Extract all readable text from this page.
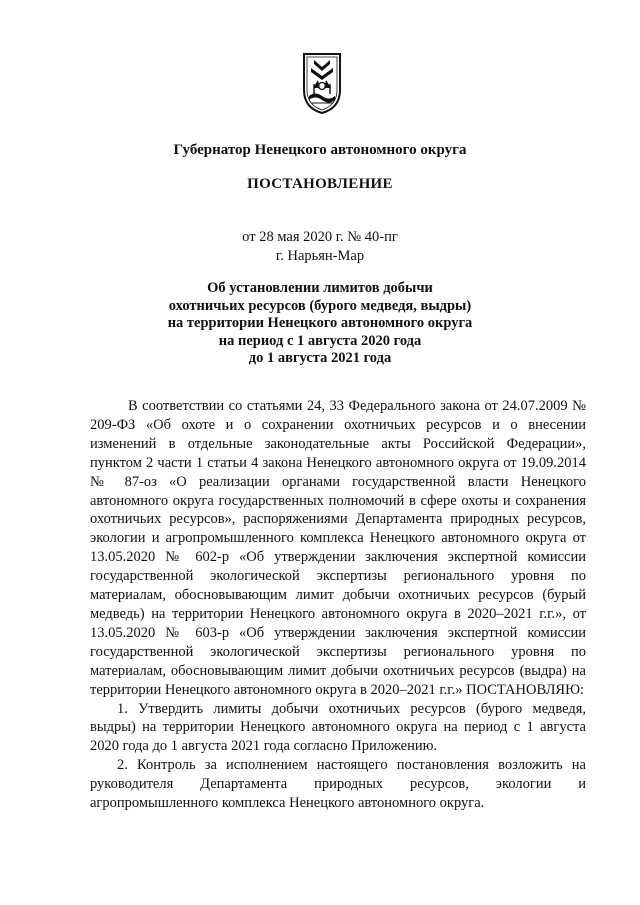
Губернатор Ненецкого автономного округа
ПОСТАНОВЛЕНИЕ
от 28 мая 2020 г. № 40-пг
г. Нарьян-Мар
Об установлении лимитов добычи
охотничьих ресурсов (бурого медведя, выдры)
на территории Ненецкого автономного округа
на период с 1 августа 2020 года
до 1 августа 2021 года

В соответствии со статьями 24, 33 Федерального закона от 24.07.2009 № 209-ФЗ «Об охоте и о сохранении охотничьих ресурсов и о внесении изменений в отдельные законодательные акты Российской Федерации», пунктом 2 части 1 статьи 4 закона Ненецкого автономного округа от 19.09.2014 № 87-оз «О реализации органами государственной власти Ненецкого автономного округа государственных полномочий в сфере охоты и сохранения охотничьих ресурсов», распоряжениями Департамента природных ресурсов, экологии и агропромышленного комплекса Ненецкого автономного округа от 13.05.2020 № 602-р «Об утверждении заключения экспертной комиссии государственной экологической экспертизы регионального уровня по материалам, обосновывающим лимит добычи охотничьих ресурсов (бурый медведь) на территории Ненецкого автономного округа в 2020–2021 г.г.», от 13.05.2020 № 603-р «Об утверждении заключения экспертной комиссии государственной экологической экспертизы регионального уровня по материалам, обосновывающим лимит добычи охотничьих ресурсов (выдра) на территории Ненецкого автономного округа в 2020–2021 г.г.» ПОСТАНОВЛЯЮ:

1. Утвердить лимиты добычи охотничьих ресурсов (бурого медведя, выдры) на территории Ненецкого автономного округа на период с 1 августа 2020 года до 1 августа 2021 года согласно Приложению.

2. Контроль за исполнением настоящего постановления возложить на руководителя Департамента природных ресурсов, экологии и агропромышленного комплекса Ненецкого автономного округа.
